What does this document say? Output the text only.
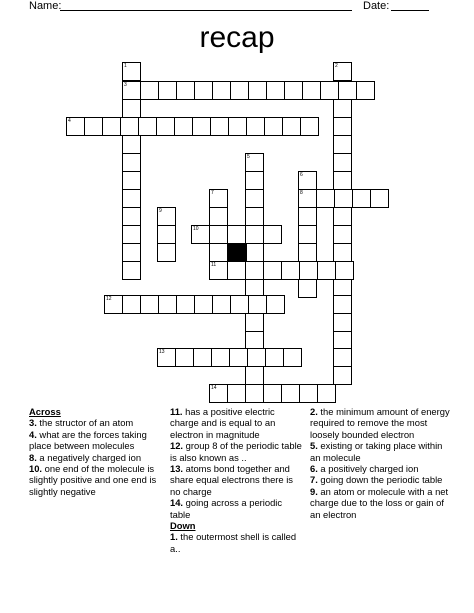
Name:	Date:
recap
1	2
3
4
5
6
7	8
9
10
11
12
13
14

Across

3. the structor of an atom

4. what are the forces taking place between molecules

8. a negatively charged ion

10. one end of the molecule is slightly positive and one end is slightly negative

11. has a positive electric charge and is equal to an electron in magnitude

12. group 8 of the periodic table is also known as ..

13. atoms bond together and share equal electrons there is no charge

14. going across a periodic table

Down

1. the outermost shell is called a..

2. the minimum amount of energy required to remove the most loosely bounded electron

5. existing or taking place within an molecule

6. a positively charged ion

7. going down the periodic table

9. an atom or molecule with a net charge due to the loss or gain of an electron
